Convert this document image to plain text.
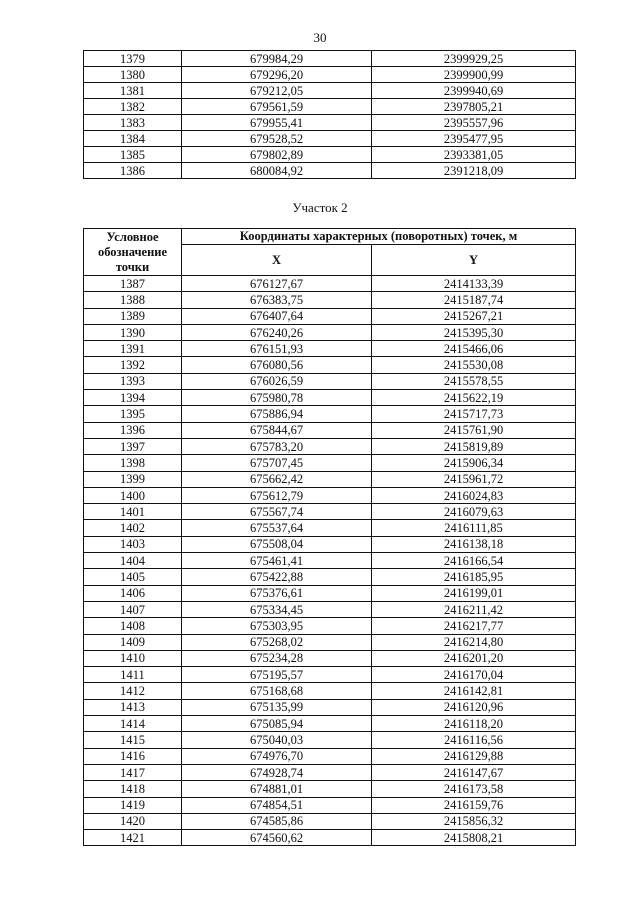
30
1379	679984,29	2399929,25
1380	679296,20	2399900,99
1381	679212,05	2399940,69
1382	679561,59	2397805,21
1383	679955,41	2395557,96
1384	679528,52	2395477,95
1385	679802,89	2393381,05
1386	680084,92	2391218,09
Участок 2
Условное обозначение точки	Координаты характерных (поворотных) точек, м	
	X	Y
1387	676127,67	2414133,39
1388	676383,75	2415187,74
1389	676407,64	2415267,21
1390	676240,26	2415395,30
1391	676151,93	2415466,06
1392	676080,56	2415530,08
1393	676026,59	2415578,55
1394	675980,78	2415622,19
1395	675886,94	2415717,73
1396	675844,67	2415761,90
1397	675783,20	2415819,89
1398	675707,45	2415906,34
1399	675662,42	2415961,72
1400	675612,79	2416024,83
1401	675567,74	2416079,63
1402	675537,64	2416111,85
1403	675508,04	2416138,18
1404	675461,41	2416166,54
1405	675422,88	2416185,95
1406	675376,61	2416199,01
1407	675334,45	2416211,42
1408	675303,95	2416217,77
1409	675268,02	2416214,80
1410	675234,28	2416201,20
1411	675195,57	2416170,04
1412	675168,68	2416142,81
1413	675135,99	2416120,96
1414	675085,94	2416118,20
1415	675040,03	2416116,56
1416	674976,70	2416129,88
1417	674928,74	2416147,67
1418	674881,01	2416173,58
1419	674854,51	2416159,76
1420	674585,86	2415856,32
1421	674560,62	2415808,21
